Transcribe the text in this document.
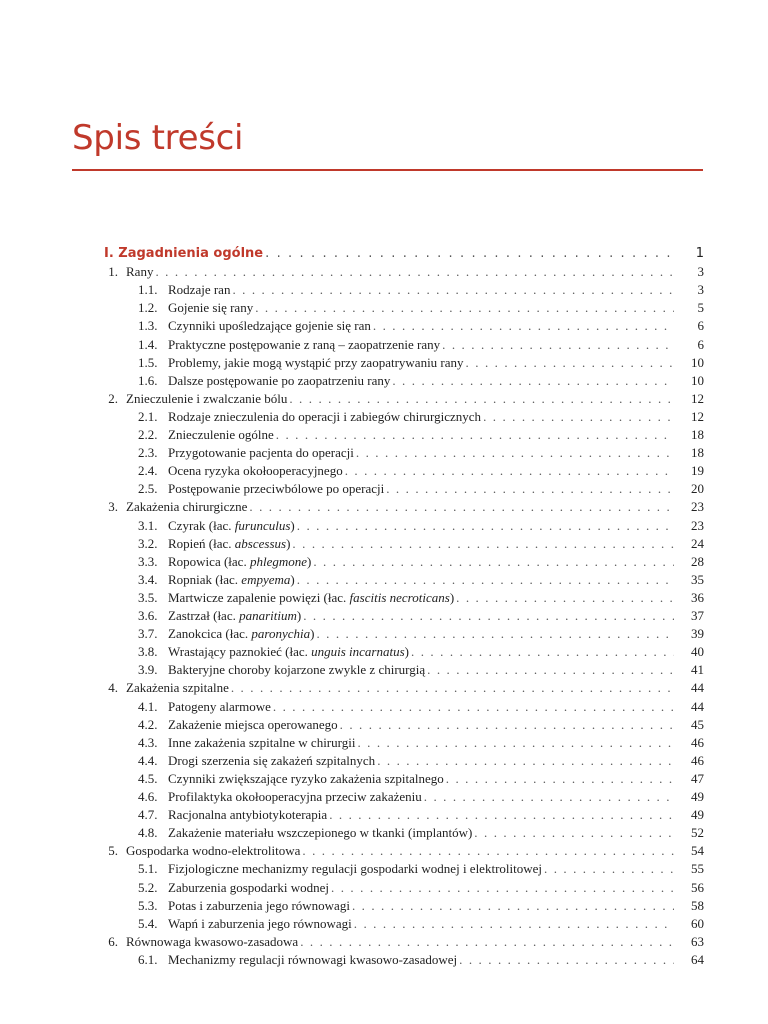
Spis treści
I. Zagadnienia ogólne . . .	1
1. Rany . . .	3
1.1. Rodzaje ran . . .	3
1.2. Gojenie się rany . . .	5
1.3. Czynniki upośledzające gojenie się ran . . .	6
1.4. Praktyczne postępowanie z raną – zaopatrzenie rany . . .	6
1.5. Problemy, jakie mogą wystąpić przy zaopatrywaniu rany . . .	10
1.6. Dalsze postępowanie po zaopatrzeniu rany . . .	10
2. Znieczulenie i zwalczanie bólu . . .	12
2.1. Rodzaje znieczulenia do operacji i zabiegów chirurgicznych . . .	12
2.2. Znieczulenie ogólne . . .	18
2.3. Przygotowanie pacjenta do operacji . . .	18
2.4. Ocena ryzyka okołooperacyjnego . . .	19
2.5. Postępowanie przeciwbólowe po operacji . . .	20
3. Zakażenia chirurgiczne . . .	23
3.1. Czyrak (łac. furunculus) . . .	23
3.2. Ropień (łac. abscessus) . . .	24
3.3. Ropowica (łac. phlegmone) . . .	28
3.4. Ropniak (łac. empyema) . . .	35
3.5. Martwicze zapalenie powięzi (łac. fascitis necroticans) . . .	36
3.6. Zastrzał (łac. panaritium) . . .	37
3.7. Zanokcica (łac. paronychia) . . .	39
3.8. Wrastający paznokieć (łac. unguis incarnatus) . . .	40
3.9. Bakteryjne choroby kojarzone zwykle z chirurgią . . .	41
4. Zakażenia szpitalne . . .	44
4.1. Patogeny alarmowe . . .	44
4.2. Zakażenie miejsca operowanego . . .	45
4.3. Inne zakażenia szpitalne w chirurgii . . .	46
4.4. Drogi szerzenia się zakażeń szpitalnych . . .	46
4.5. Czynniki zwiększające ryzyko zakażenia szpitalnego . . .	47
4.6. Profilaktyka okołooperacyjna przeciw zakażeniu . . .	49
4.7. Racjonalna antybiotykoterapia . . .	49
4.8. Zakażenie materiału wszczepionego w tkanki (implantów) . . .	52
5. Gospodarka wodno-elektrolitowa . . .	54
5.1. Fizjologiczne mechanizmy regulacji gospodarki wodnej i elektrolitowej . . .	55
5.2. Zaburzenia gospodarki wodnej . . .	56
5.3. Potas i zaburzenia jego równowagi . . .	58
5.4. Wapń i zaburzenia jego równowagi . . .	60
6. Równowaga kwasowo-zasadowa . . .	63
6.1. Mechanizmy regulacji równowagi kwasowo-zasadowej . . .	64
